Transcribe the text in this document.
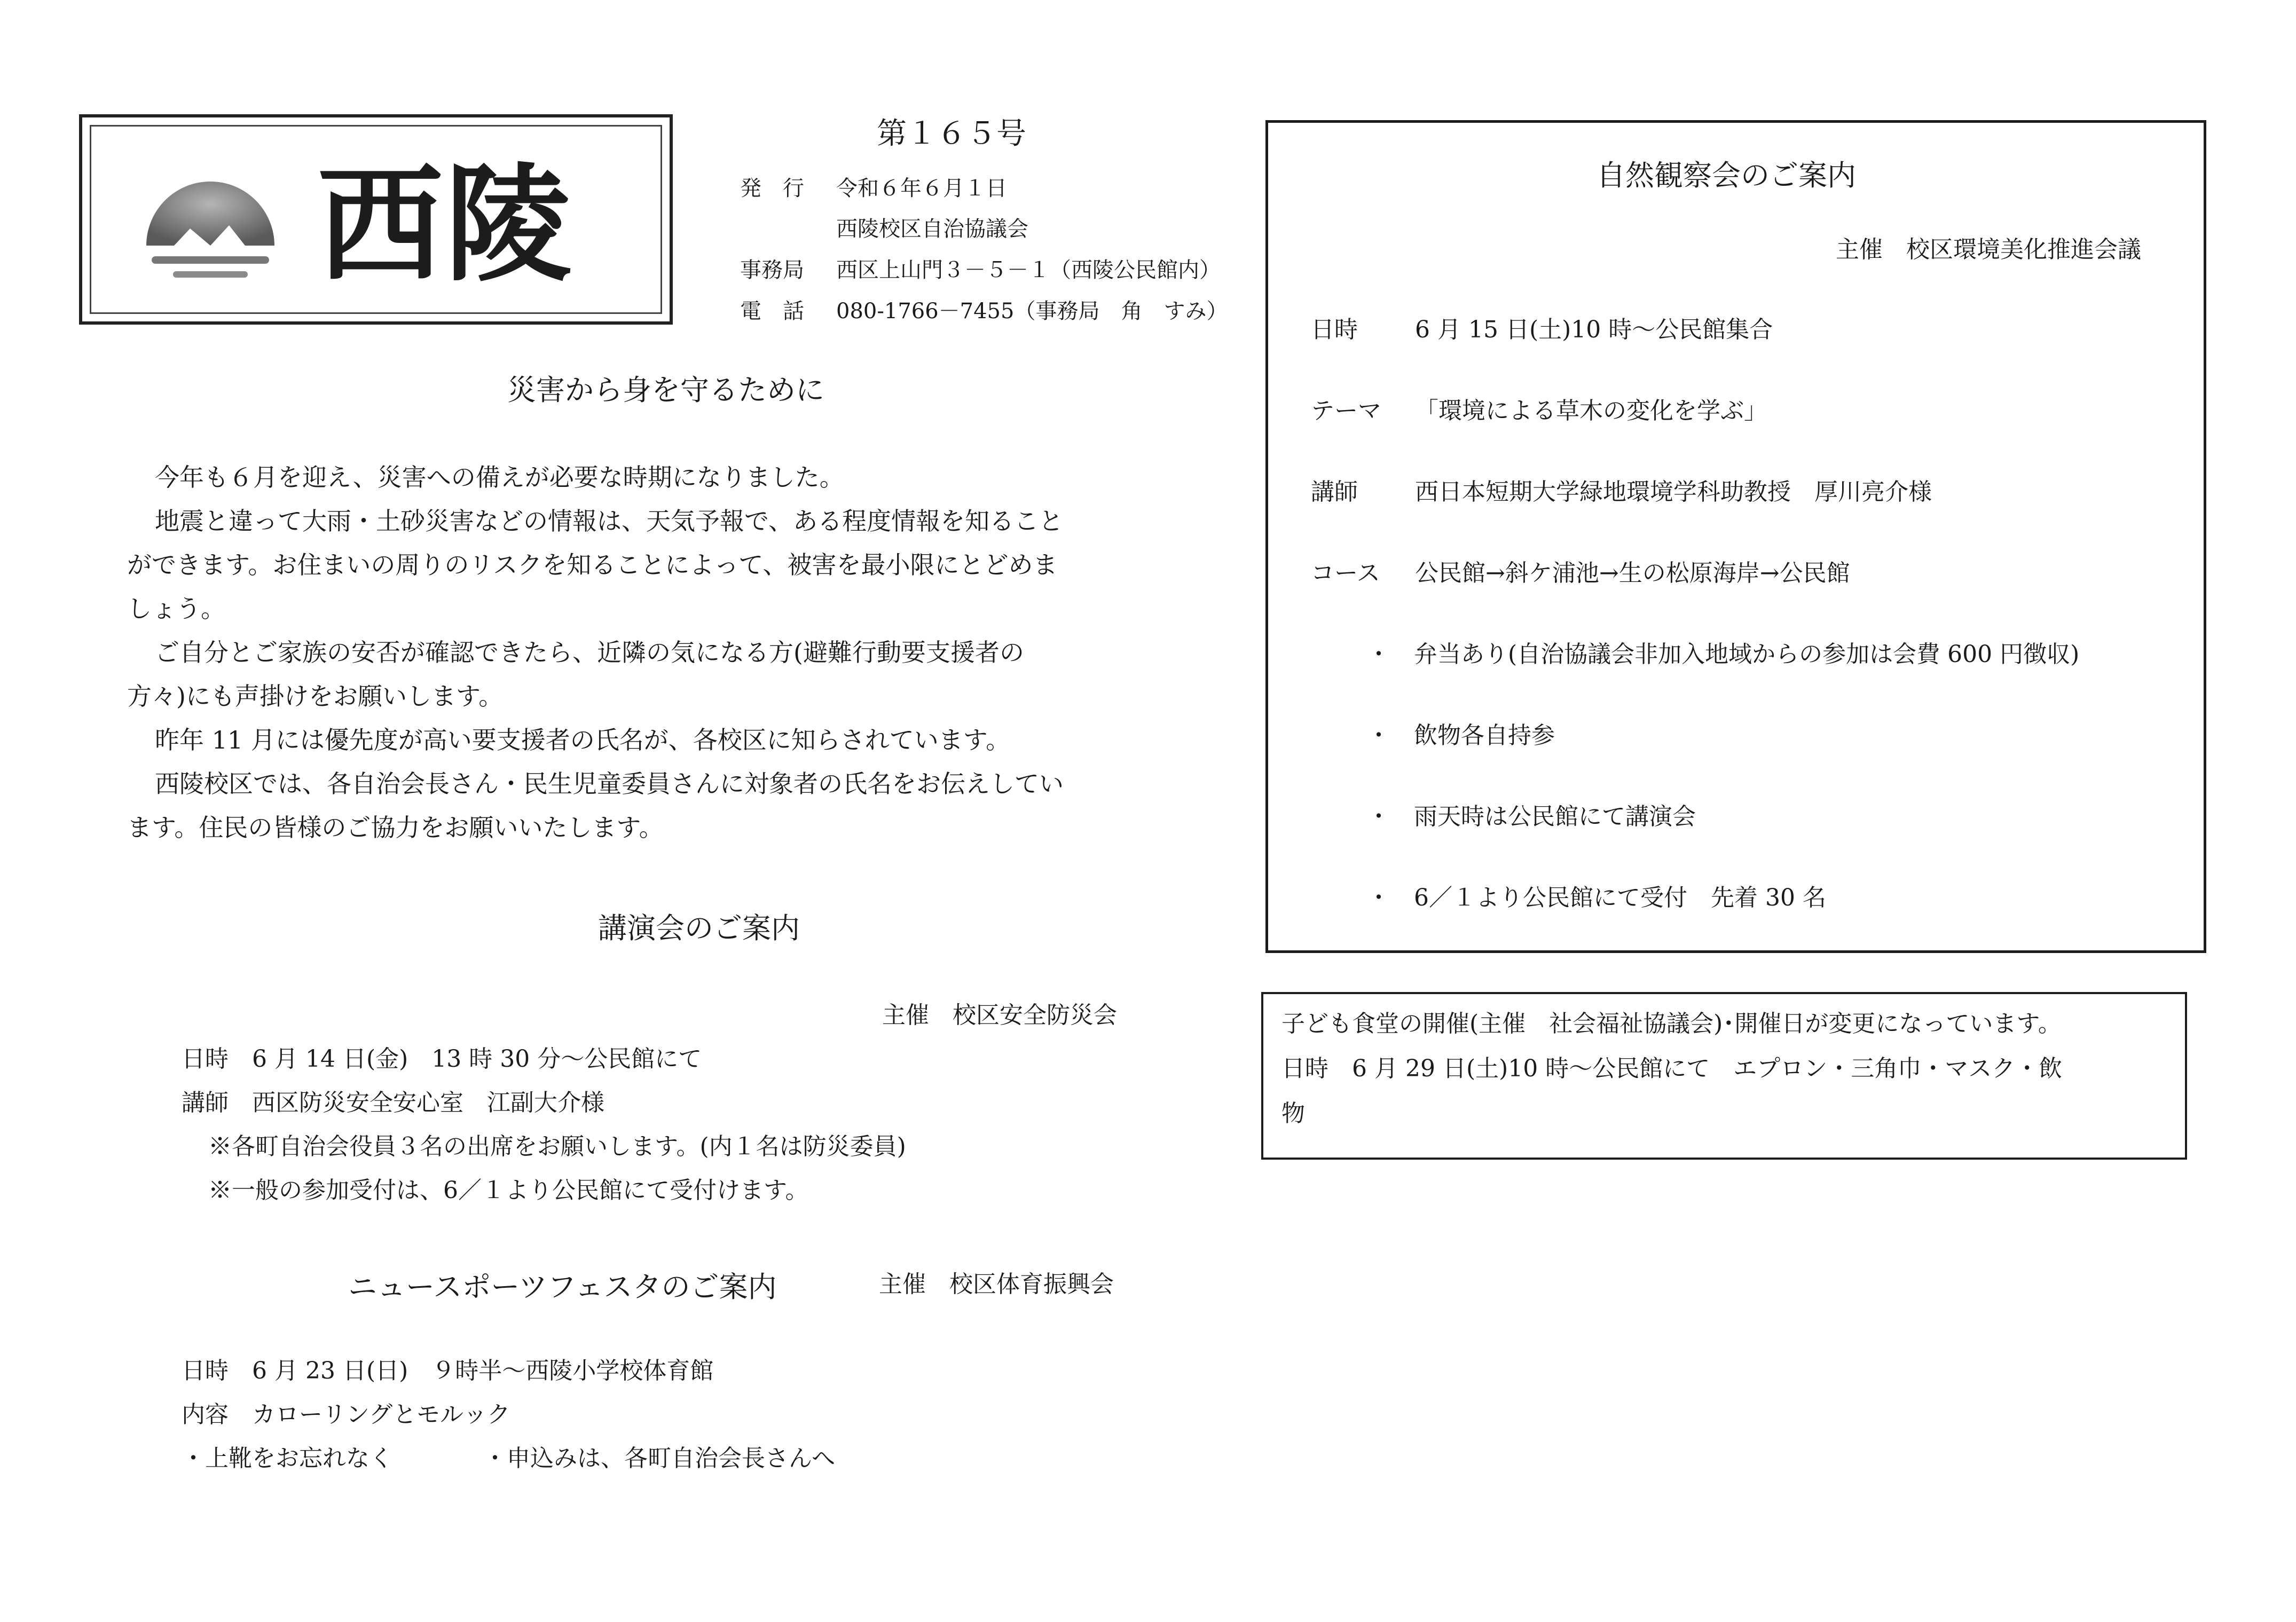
西陵
第１６５号
発　行 令和６年６月１日
西陵校区自治協議会
事務局 西区上山門３－５－１（西陵公民館内）
電　話 080-1766－7455（事務局　角　すみ）
災害から身を守るために
今年も６月を迎え、災害への備えが必要な時期になりました。
地震と違って大雨・土砂災害などの情報は、天気予報で、ある程度情報を知ること
ができます。お住まいの周りのリスクを知ることによって、被害を最小限にとどめま
しょう。
ご自分とご家族の安否が確認できたら、近隣の気になる方(避難行動要支援者の
方々)にも声掛けをお願いします。
昨年 11 月には優先度が高い要支援者の氏名が、各校区に知らされています。
西陵校区では、各自治会長さん・民生児童委員さんに対象者の氏名をお伝えしてい
ます。住民の皆様のご協力をお願いいたします。
講演会のご案内
主催　校区安全防災会
日時　6 月 14 日(金)　13 時 30 分～公民館にて
講師　西区防災安全安心室　江副大介様
※各町自治会役員３名の出席をお願いします。(内１名は防災委員)
※一般の参加受付は、6／１より公民館にて受付けます。
ニュースポーツフェスタのご案内	主催　校区体育振興会
日時　6 月 23 日(日)　９時半～西陵小学校体育館
内容　カローリングとモルック
・上靴をお忘れなく	・申込みは、各町自治会長さんへ
自然観察会のご案内
主催　校区環境美化推進会議
日時 6 月 15 日(土)10 時～公民館集合
テーマ 「環境による草木の変化を学ぶ」
講師 西日本短期大学緑地環境学科助教授　厚川亮介様
コース 公民館→斜ケ浦池→生の松原海岸→公民館
・　弁当あり(自治協議会非加入地域からの参加は会費 600 円徴収)
・　飲物各自持参
・　雨天時は公民館にて講演会
・　6／１より公民館にて受付　先着 30 名
子ども食堂の開催(主催　社会福祉協議会)･開催日が変更になっています。
日時　6 月 29 日(土)10 時～公民館にて　エプロン・三角巾・マスク・飲
物
